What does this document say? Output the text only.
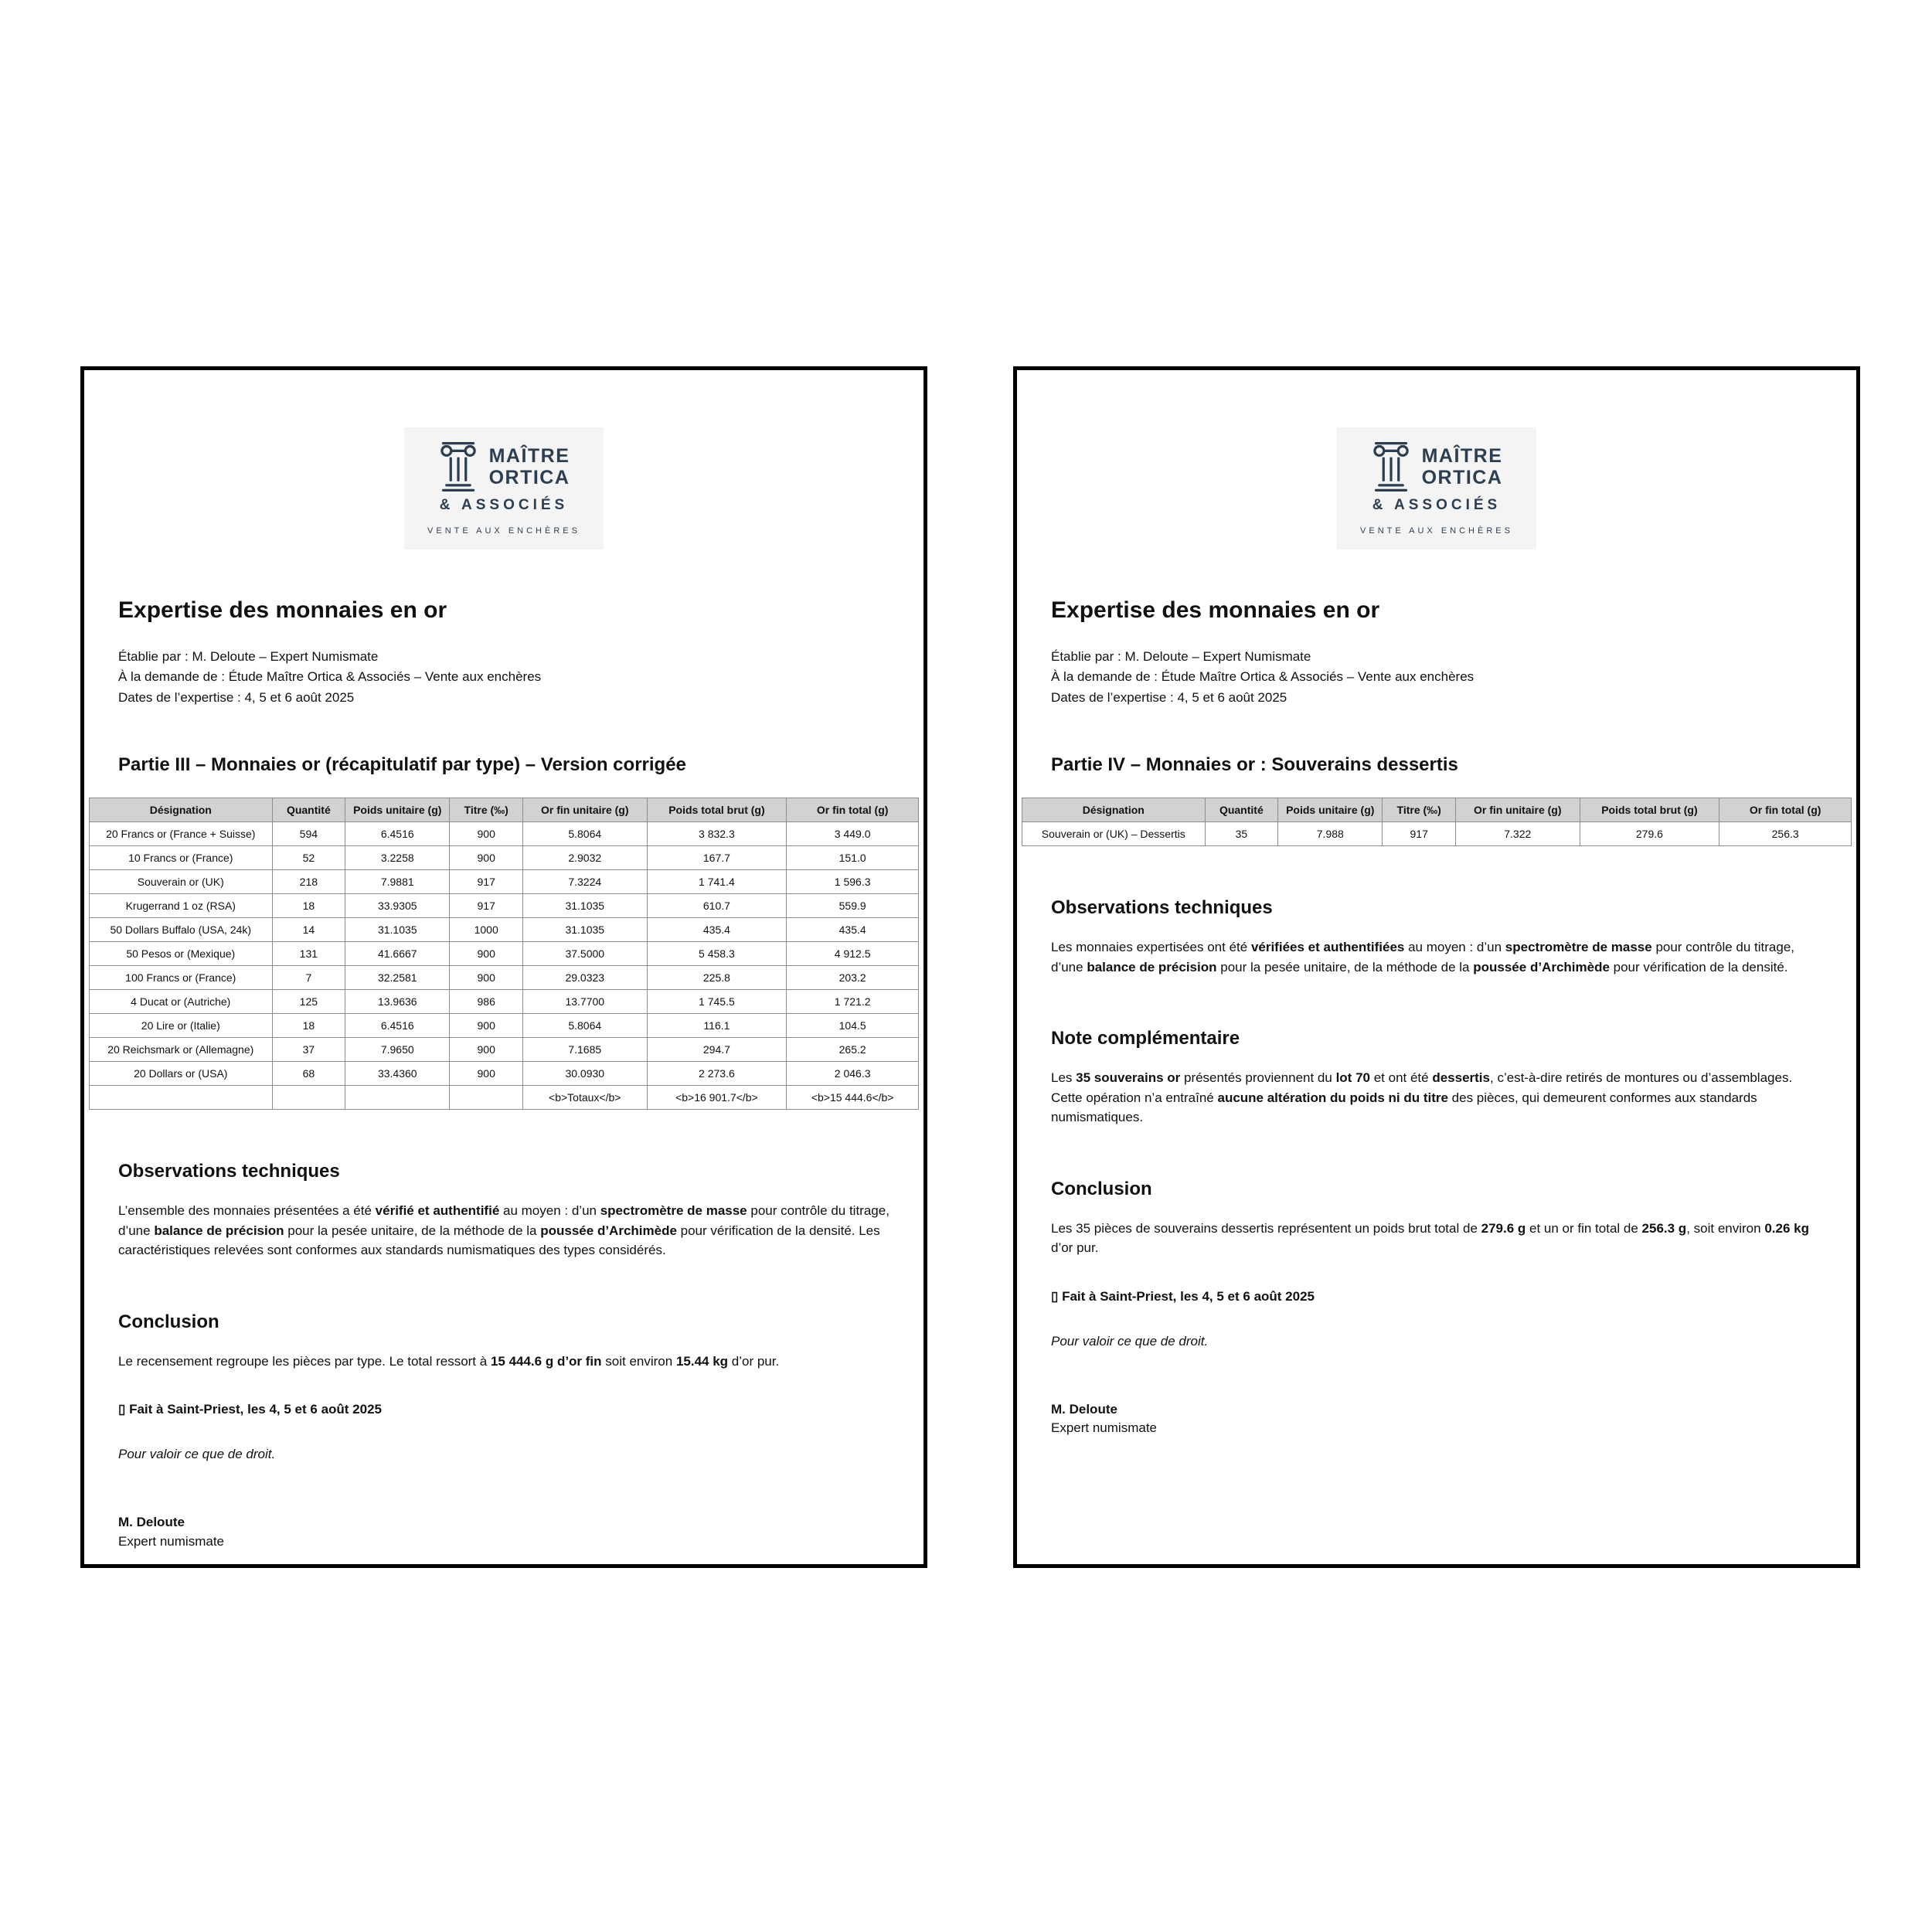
MAÎTRE
ORTICA
& ASSOCIÉS
VENTE AUX ENCHÈRES
Expertise des monnaies en or
Établie par : M. Deloute – Expert Numismate
À la demande de : Étude Maître Ortica & Associés – Vente aux enchères
Dates de l’expertise : 4, 5 et 6 août 2025
Partie III – Monnaies or (récapitulatif par type) – Version corrigée
Désignation	Quantité	Poids unitaire (g)	Titre (‰)	Or fin unitaire (g)	Poids total brut (g)	Or fin total (g)
20 Francs or (France + Suisse)	594	6.4516	900	5.8064	3 832.3	3 449.0
10 Francs or (France)	52	3.2258	900	2.9032	167.7	151.0
Souverain or (UK)	218	7.9881	917	7.3224	1 741.4	1 596.3
Krugerrand 1 oz (RSA)	18	33.9305	917	31.1035	610.7	559.9
50 Dollars Buffalo (USA, 24k)	14	31.1035	1000	31.1035	435.4	435.4
50 Pesos or (Mexique)	131	41.6667	900	37.5000	5 458.3	4 912.5
100 Francs or (France)	7	32.2581	900	29.0323	225.8	203.2
4 Ducat or (Autriche)	125	13.9636	986	13.7700	1 745.5	1 721.2
20 Lire or (Italie)	18	6.4516	900	5.8064	116.1	104.5
20 Reichsmark or (Allemagne)	37	7.9650	900	7.1685	294.7	265.2
20 Dollars or (USA)	68	33.4360	900	30.0930	2 273.6	2 046.3
				<b>Totaux</b>	<b>16 901.7</b>	<b>15 444.6</b>
Observations techniques

L’ensemble des monnaies présentées a été vérifié et authentifié au moyen : d’un spectromètre de masse pour contrôle du titrage, d’une balance de précision pour la pesée unitaire, de la méthode de la poussée d’Archimède pour vérification de la densité. Les caractéristiques relevées sont conformes aux standards numismatiques des types considérés.

Conclusion

Le recensement regroupe les pièces par type. Le total ressort à 15 444.6 g d’or fin soit environ 15.44 kg d’or pur.

▯ Fait à Saint-Priest, les 4, 5 et 6 août 2025

Pour valoir ce que de droit.

M. Deloute
Expert numismate
MAÎTRE
ORTICA
& ASSOCIÉS
VENTE AUX ENCHÈRES
Expertise des monnaies en or
Établie par : M. Deloute – Expert Numismate
À la demande de : Étude Maître Ortica & Associés – Vente aux enchères
Dates de l’expertise : 4, 5 et 6 août 2025
Partie IV – Monnaies or : Souverains dessertis
Désignation	Quantité	Poids unitaire (g)	Titre (‰)	Or fin unitaire (g)	Poids total brut (g)	Or fin total (g)
Souverain or (UK) – Dessertis	35	7.988	917	7.322	279.6	256.3
Observations techniques

Les monnaies expertisées ont été vérifiées et authentifiées au moyen : d’un spectromètre de masse pour contrôle du titrage, d’une balance de précision pour la pesée unitaire, de la méthode de la poussée d’Archimède pour vérification de la densité.

Note complémentaire

Les 35 souverains or présentés proviennent du lot 70 et ont été dessertis, c’est-à-dire retirés de montures ou d’assemblages. Cette opération n’a entraîné aucune altération du poids ni du titre des pièces, qui demeurent conformes aux standards numismatiques.

Conclusion

Les 35 pièces de souverains dessertis représentent un poids brut total de 279.6 g et un or fin total de 256.3 g, soit environ 0.26 kg d’or pur.

▯ Fait à Saint-Priest, les 4, 5 et 6 août 2025

Pour valoir ce que de droit.

M. Deloute
Expert numismate
